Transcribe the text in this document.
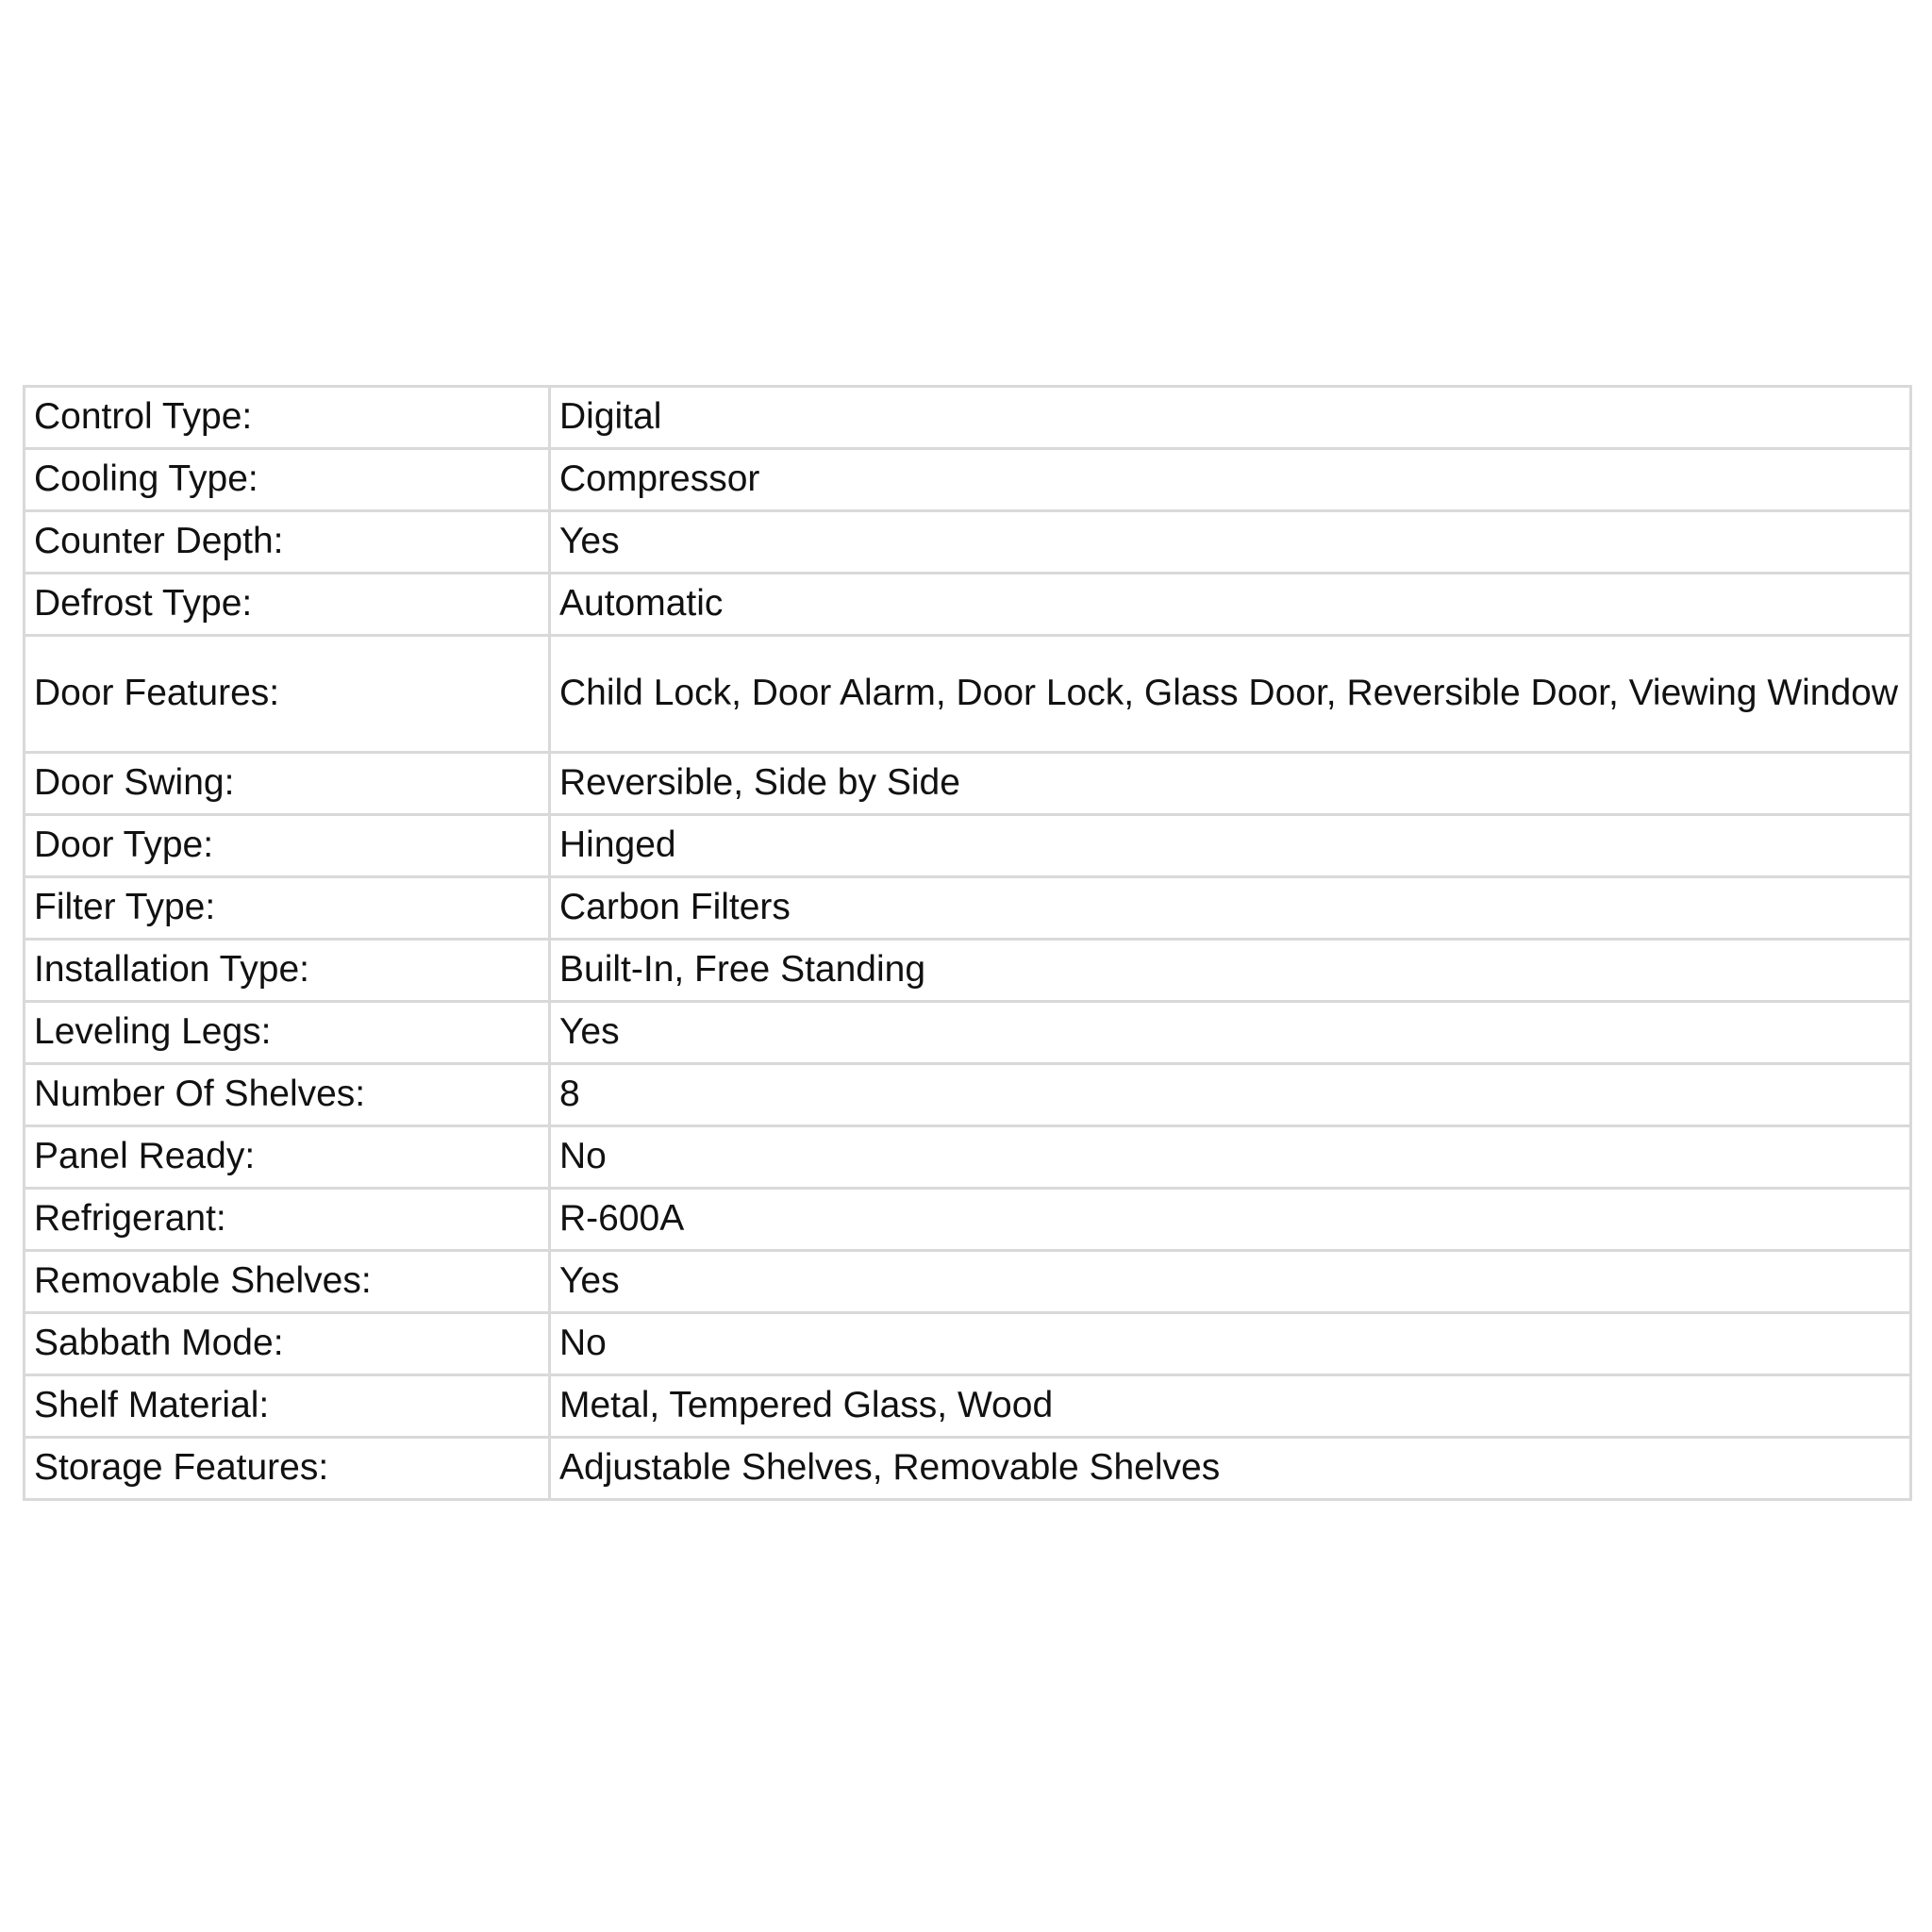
Control Type:	Digital
Cooling Type:	Compressor
Counter Depth:	Yes
Defrost Type:	Automatic
Door Features:	Child Lock, Door Alarm, Door Lock, Glass Door, Reversible Door, Viewing Window
Door Swing:	Reversible, Side by Side
Door Type:	Hinged
Filter Type:	Carbon Filters
Installation Type:	Built-In, Free Standing
Leveling Legs:	Yes
Number Of Shelves:	8
Panel Ready:	No
Refrigerant:	R-600A
Removable Shelves:	Yes
Sabbath Mode:	No
Shelf Material:	Metal, Tempered Glass, Wood
Storage Features:	Adjustable Shelves, Removable Shelves
